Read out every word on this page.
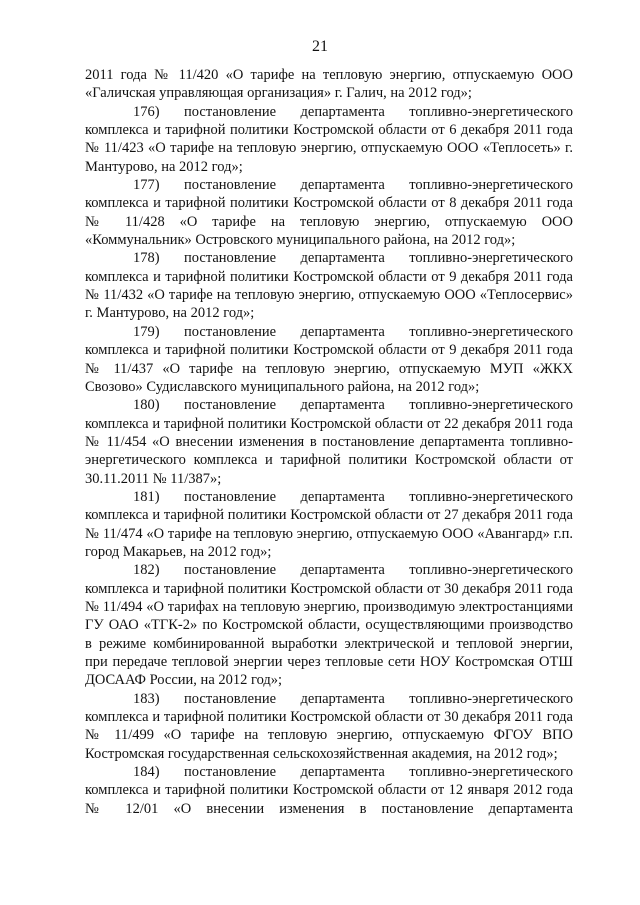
21

2011 года № 11/420 «О тарифе на тепловую энергию, отпускаемую ООО «Галичская управляющая организация» г. Галич, на 2012 год»;

176) постановление департамента топливно-энергетического комплекса и тарифной политики Костромской области от 6 декабря 2011 года № 11/423 «О тарифе на тепловую энергию, отпускаемую ООО «Теплосеть» г. Мантурово, на 2012 год»;

177) постановление департамента топливно-энергетического комплекса и тарифной политики Костромской области от 8 декабря 2011 года № 11/428 «О тарифе на тепловую энергию, отпускаемую ООО «Коммунальник» Островского муниципального района, на 2012 год»;

178) постановление департамента топливно-энергетического комплекса и тарифной политики Костромской области от 9 декабря 2011 года № 11/432 «О тарифе на тепловую энергию, отпускаемую ООО «Теплосервис» г. Мантурово, на 2012 год»;

179) постановление департамента топливно-энергетического комплекса и тарифной политики Костромской области от 9 декабря 2011 года № 11/437 «О тарифе на тепловую энергию, отпускаемую МУП «ЖКХ Свозово» Судиславского муниципального района, на 2012 год»;

180) постановление департамента топливно-энергетического комплекса и тарифной политики Костромской области от 22 декабря 2011 года № 11/454 «О внесении изменения в постановление департамента топливно-энергетического комплекса и тарифной политики Костромской области от 30.11.2011 № 11/387»;

181) постановление департамента топливно-энергетического комплекса и тарифной политики Костромской области от 27 декабря 2011 года № 11/474 «О тарифе на тепловую энергию, отпускаемую ООО «Авангард» г.п. город Макарьев, на 2012 год»;

182) постановление департамента топливно-энергетического комплекса и тарифной политики Костромской области от 30 декабря 2011 года № 11/494 «О тарифах на тепловую энергию, производимую электростанциями ГУ ОАО «ТГК-2» по Костромской области, осуществляющими производство в режиме комбинированной выработки электрической и тепловой энергии, при передаче тепловой энергии через тепловые сети НОУ Костромская ОТШ ДОСААФ России, на 2012 год»;

183) постановление департамента топливно-энергетического комплекса и тарифной политики Костромской области от 30 декабря 2011 года № 11/499 «О тарифе на тепловую энергию, отпускаемую ФГОУ ВПО Костромская государственная сельскохозяйственная академия, на 2012 год»;

184) постановление департамента топливно-энергетического комплекса и тарифной политики Костромской области от 12 января 2012 года № 12/01 «О внесении изменения в постановление департамента
